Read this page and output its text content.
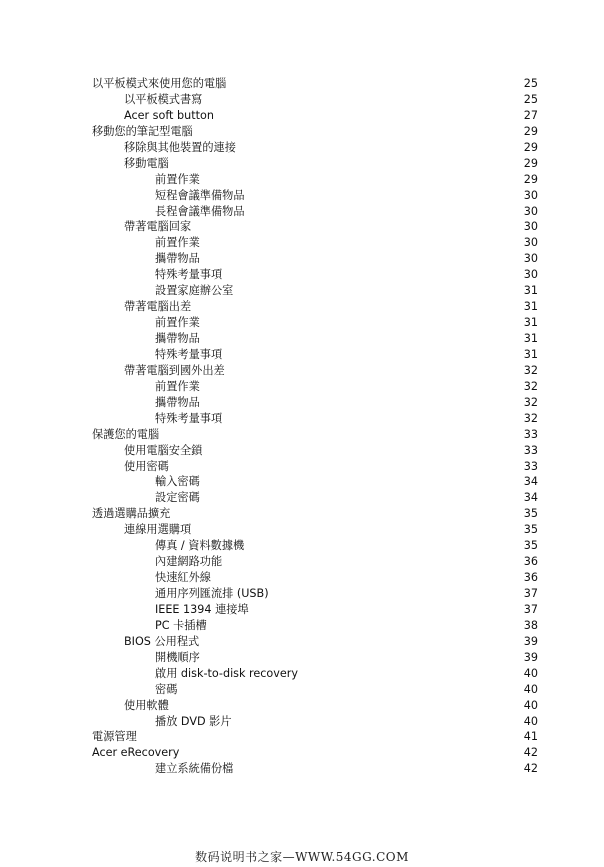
以平板模式來使用您的電腦	25
以平板模式書寫	25
Acer soft button	27
移動您的筆記型電腦	29
移除與其他裝置的連接	29
移動電腦	29
前置作業	29
短程會議準備物品	30
長程會議準備物品	30
帶著電腦回家	30
前置作業	30
攜帶物品	30
特殊考量事項	30
設置家庭辦公室	31
帶著電腦出差	31
前置作業	31
攜帶物品	31
特殊考量事項	31
帶著電腦到國外出差	32
前置作業	32
攜帶物品	32
特殊考量事項	32
保護您的電腦	33
使用電腦安全鎖	33
使用密碼	33
輸入密碼	34
設定密碼	34
透過選購品擴充	35
連線用選購項	35
傳真 / 資料數據機	35
內建網路功能	36
快速紅外線	36
通用序列匯流排 (USB)	37
IEEE 1394 連接埠	37
PC 卡插槽	38
BIOS 公用程式	39
開機順序	39
啟用 disk-to-disk recovery	40
密碼	40
使用軟體	40
播放 DVD 影片	40
電源管理	41
Acer eRecovery	42
建立系統備份檔	42
数码说明书之家—WWW.54GG.COM
